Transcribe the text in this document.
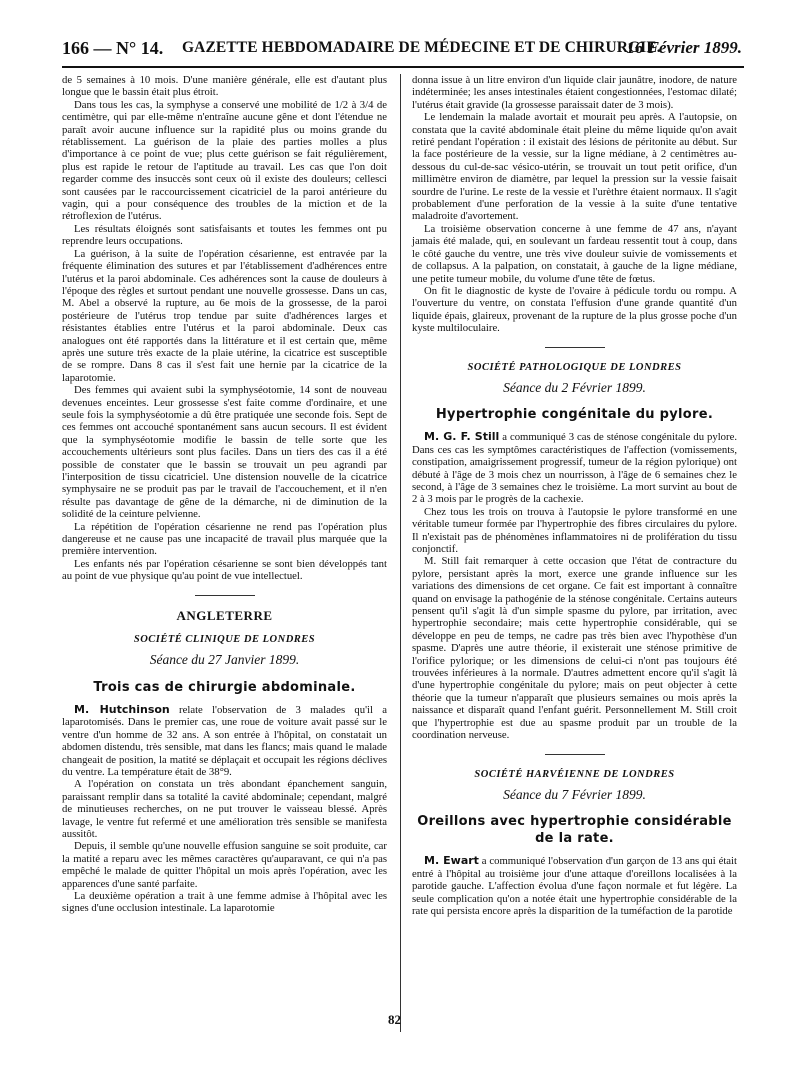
166 — N° 14. GAZETTE HEBDOMADAIRE DE MÉDECINE ET DE CHIRURGIE.
16 Février 1899.

de 5 semaines à 10 mois. D'une manière générale, elle est d'autant plus longue que le bassin était plus étroit.

Dans tous les cas, la symphyse a conservé une mobilité de 1/2 à 3/4 de centimètre, qui par elle-même n'entraîne aucune gêne et dont l'étendue ne paraît avoir aucune influence sur la rapidité plus ou moins grande du rétablissement. La guérison de la plaie des parties molles a plus d'importance à ce point de vue; plus cette guérison se fait régulièrement, plus est rapide le retour de l'aptitude au travail. Les cas que l'on doit regarder comme des insuccès sont ceux où il existe des douleurs; cellesci sont causées par le raccourcissement cicatriciel de la paroi antérieure du vagin, qui a pour conséquence des troubles de la miction et de la rétroflexion de l'utérus.

Les résultats éloignés sont satisfaisants et toutes les femmes ont pu reprendre leurs occupations.

La guérison, à la suite de l'opération césarienne, est entravée par la fréquente élimination des sutures et par l'établissement d'adhérences entre l'utérus et la paroi abdominale. Ces adhérences sont la cause de douleurs à l'époque des règles et surtout pendant une nouvelle grossesse. Dans un cas, M. Abel a observé la rupture, au 6e mois de la grossesse, de la paroi postérieure de l'utérus trop tendue par suite d'adhérences larges et résistantes établies entre l'utérus et la paroi abdominale. Deux cas analogues ont été rapportés dans la littérature et il est certain que, même après une suture très exacte de la plaie utérine, la cicatrice est susceptible de se rompre. Dans 8 cas il s'est fait une hernie par la cicatrice de la laparotomie.

Des femmes qui avaient subi la symphyséotomie, 14 sont de nouveau devenues enceintes. Leur grossesse s'est faite comme d'ordinaire, et une seule fois la symphyséotomie a dû être pratiquée une seconde fois. Sept de ces femmes ont accouché spontanément sans aucun secours. Il est évident que la symphyséotomie modifie le bassin de telle sorte que les accouchements ultérieurs sont plus faciles. Dans un tiers des cas il a été possible de constater que le bassin se trouvait un peu agrandi par l'interposition de tissu cicatriciel. Une distension nouvelle de la cicatrice symphysaire ne se produit pas par le travail de l'accouchement, et il n'en résulte pas davantage de gêne de la démarche, ni de diminution de la solidité de la ceinture pelvienne.

La répétition de l'opération césarienne ne rend pas l'opération plus dangereuse et ne cause pas une incapacité de travail plus marquée que la première intervention.

Les enfants nés par l'opération césarienne se sont bien développés tant au point de vue physique qu'au point de vue intellectuel.

ANGLETERRE
SOCIÉTÉ CLINIQUE DE LONDRES
Séance du 27 Janvier 1899.
Trois cas de chirurgie abdominale.

M. Hutchinson relate l'observation de 3 malades qu'il a laparotomisés. Dans le premier cas, une roue de voiture avait passé sur le ventre d'un homme de 32 ans. A son entrée à l'hôpital, on constatait un abdomen distendu, très sensible, mat dans les flancs; mais quand le malade changeait de position, la matité se déplaçait et occupait les régions déclives du ventre. La température était de 38°9.

A l'opération on constata un très abondant épanchement sanguin, paraissant remplir dans sa totalité la cavité abdominale; cependant, malgré de minutieuses recherches, on ne put trouver le vaisseau blessé. Après lavage, le ventre fut refermé et une amélioration très sensible se manifesta aussitôt.

Depuis, il semble qu'une nouvelle effusion sanguine se soit produite, car la matité a reparu avec les mêmes caractères qu'auparavant, ce qui n'a pas empêché le malade de quitter l'hôpital un mois après l'opération, avec les apparences d'une santé parfaite.

La deuxième opération a trait à une femme admise à l'hôpital avec les signes d'une occlusion intestinale. La laparotomie

donna issue à un litre environ d'un liquide clair jaunâtre, inodore, de nature indéterminée; les anses intestinales étaient congestionnées, l'estomac dilaté; l'utérus était gravide (la grossesse paraissait dater de 3 mois).

Le lendemain la malade avortait et mourait peu après. A l'autopsie, on constata que la cavité abdominale était pleine du même liquide qu'on avait retiré pendant l'opération : il existait des lésions de péritonite au début. Sur la face postérieure de la vessie, sur la ligne médiane, à 2 centimètres au-dessous du cul-de-sac vésico-utérin, se trouvait un tout petit orifice, d'un millimètre environ de diamètre, par lequel la pression sur la vessie faisait sourdre de l'urine. Le reste de la vessie et l'urèthre étaient normaux. Il s'agit probablement d'une perforation de la vessie à la suite d'une tentative maladroite d'avortement.

La troisième observation concerne à une femme de 47 ans, n'ayant jamais été malade, qui, en soulevant un fardeau ressentit tout à coup, dans le côté gauche du ventre, une très vive douleur suivie de vomissements et de collapsus. A la palpation, on constatait, à gauche de la ligne médiane, une petite tumeur mobile, du volume d'une tête de fœtus.

On fit le diagnostic de kyste de l'ovaire à pédicule tordu ou rompu. A l'ouverture du ventre, on constata l'effusion d'une grande quantité d'un liquide épais, glaireux, provenant de la rupture de la plus grosse poche d'un kyste multiloculaire.

SOCIÉTÉ PATHOLOGIQUE DE LONDRES
Séance du 2 Février 1899.
Hypertrophie congénitale du pylore.

M. G. F. Still a communiqué 3 cas de sténose congénitale du pylore. Dans ces cas les symptômes caractéristiques de l'affection (vomissements, constipation, amaigrissement progressif, tumeur de la région pylorique) ont débuté à l'âge de 3 mois chez un nourrisson, à l'âge de 6 semaines chez le second, à l'âge de 3 semaines chez le troisième. La mort survint au bout de 2 à 3 mois par le progrès de la cachexie.

Chez tous les trois on trouva à l'autopsie le pylore transformé en une véritable tumeur formée par l'hypertrophie des fibres circulaires du pylore. Il n'existait pas de phénomènes inflammatoires ni de prolifération du tissu conjonctif.

M. Still fait remarquer à cette occasion que l'état de contracture du pylore, persistant après la mort, exerce une grande influence sur les variations des dimensions de cet organe. Ce fait est important à connaître quand on envisage la pathogénie de la sténose congénitale. Certains auteurs pensent qu'il s'agit là d'un simple spasme du pylore, par irritation, avec hypertrophie secondaire; mais cette hypertrophie considérable, qui se développe en peu de temps, ne cadre pas très bien avec l'hypothèse d'un spasme. D'après une autre théorie, il existerait une sténose primitive de l'orifice pylorique; or les dimensions de celui-ci n'ont pas toujours été trouvées inférieures à la normale. D'autres admettent encore qu'il s'agit là d'une hypertrophie congénitale du pylore; mais on peut objecter à cette théorie que la tumeur n'apparaît que plusieurs semaines ou mois après la naissance et disparaît quand l'enfant guérit. Personnellement M. Still croit que l'hypertrophie est due au spasme produit par un trouble de la coordination nerveuse.

SOCIÉTÉ HARVÉIENNE DE LONDRES
Séance du 7 Février 1899.
Oreillons avec hypertrophie considérable de la rate.

M. Ewart a communiqué l'observation d'un garçon de 13 ans qui était entré à l'hôpital au troisième jour d'une attaque d'oreillons localisées à la parotide gauche. L'affection évolua d'une façon normale et fut légère. La seule complication qu'on a notée était une hypertrophie considérable de la rate qui persista encore après la disparition de la tuméfaction de la parotide

82
